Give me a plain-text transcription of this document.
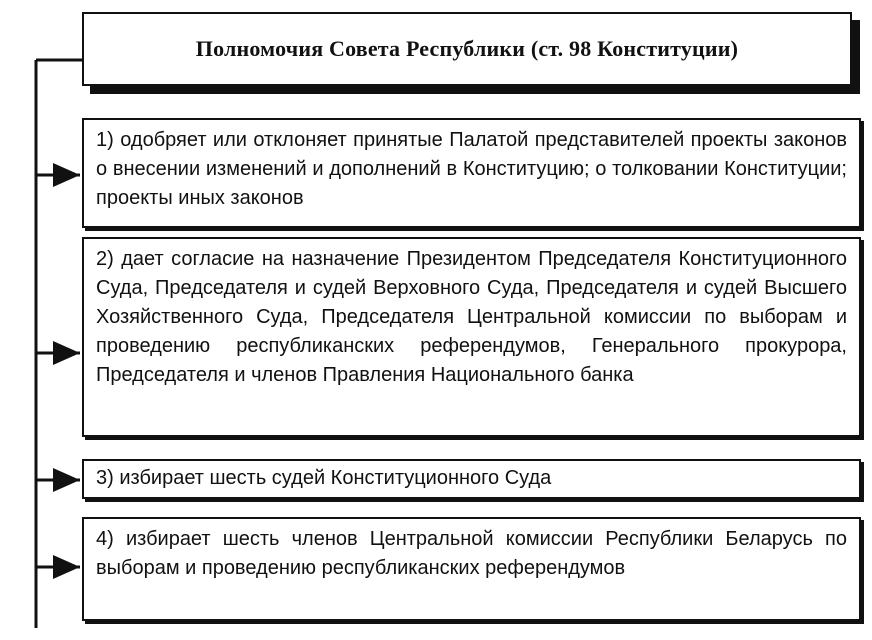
Полномочия Совета Республики (ст. 98 Конституции)
1) одобряет или отклоняет принятые Палатой представителей проекты законов о внесении изменений и дополнений в Конституцию; о толковании Конституции; проекты иных законов
2) дает согласие на назначение Президентом Председателя Конституционного Суда, Председателя и судей Верховного Суда, Председателя и судей Высшего Хозяйственного Суда, Председателя Центральной комиссии по выборам и проведению республиканских референдумов, Генерального прокурора, Председателя и членов Правления Национального банка
3) избирает шесть судей Конституционного Суда
4) избирает шесть членов Центральной комиссии Республики Беларусь по выборам и проведению республиканских референдумов
